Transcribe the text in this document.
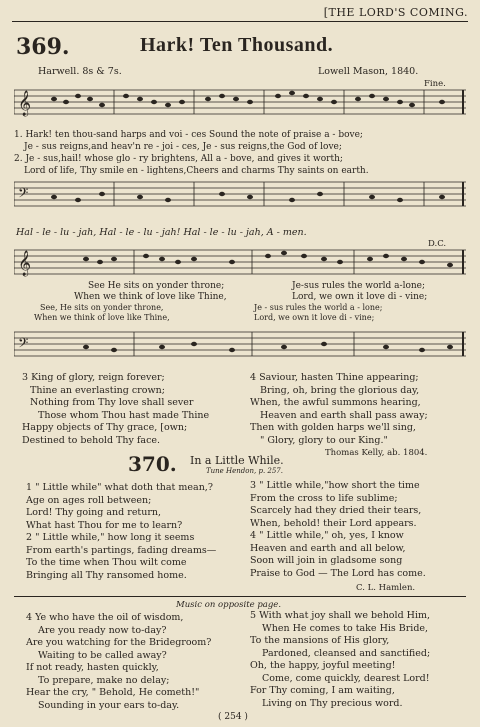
[THE LORD'S COMING.
369.	Hark! Ten Thousand.
Harwell. 8s & 7s.	Lowell Mason, 1840.
Fine.
𝄞
1. Hark! ten thou-sand harps and voi - ces Sound the note of praise a - bove;
Je - sus reigns,and heav'n re - joi - ces, Je - sus reigns,the God of love;
2. Je - sus,hail! whose glo - ry brightens, All a - bove, and gives it worth;
Lord of life, Thy smile en - lightens,Cheers and charms Thy saints on earth.
𝄢
Hal - le - lu - jah, Hal - le - lu - jah! Hal - le - lu - jah, A - men.
D.C.
𝄞
See He sits on yonder throne;
When we think of love like Thine,
Je-sus rules the world a-lone;
Lord, we own it love di - vine;
See, He sits on yonder throne,
When we think of love like Thine,
Je - sus rules the world a - lone;
Lord, we own it love di - vine;
𝄢
3 King of glory, reign forever;
Thine an everlasting crown;
Nothing from Thy love shall sever
Those whom Thou hast made Thine
Happy objects of Thy grace, [own;
Destined to behold Thy face.
4 Saviour, hasten Thine appearing;
Bring, oh, bring the glorious day,
When, the awful summons hearing,
Heaven and earth shall pass away;
Then with golden harps we'll sing,
" Glory, glory to our King."
Thomas Kelly, ab. 1804.
370. In a Little While.
Tune Hendon, p. 257.
1 " Little while" what doth that mean,?
Age on ages roll between;
Lord! Thy going and return,
What hast Thou for me to learn?
2 " Little while," how long it seems
From earth's partings, fading dreams—
To the time when Thou wilt come
Bringing all Thy ransomed home.
3 " Little while,"how short the time
From the cross to life sublime;
Scarcely had they dried their tears,
When, behold! their Lord appears.
4 " Little while," oh, yes, I know
Heaven and earth and all below,
Soon will join in gladsome song
Praise to God — The Lord has come.
C. L. Hamlen.
Music on opposite page.
4 Ye who have the oil of wisdom,
Are you ready now to-day?
Are you watching for the Bridegroom?
Waiting to be called away?
If not ready, hasten quickly,
To prepare, make no delay;
Hear the cry, " Behold, He cometh!"
Sounding in your ears to-day.
5 With what joy shall we behold Him,
When He comes to take His Bride,
To the mansions of His glory,
Pardoned, cleansed and sanctified;
Oh, the happy, joyful meeting!
Come, come quickly, dearest Lord!
For Thy coming, I am waiting,
Living on Thy precious word.
( 254 )
